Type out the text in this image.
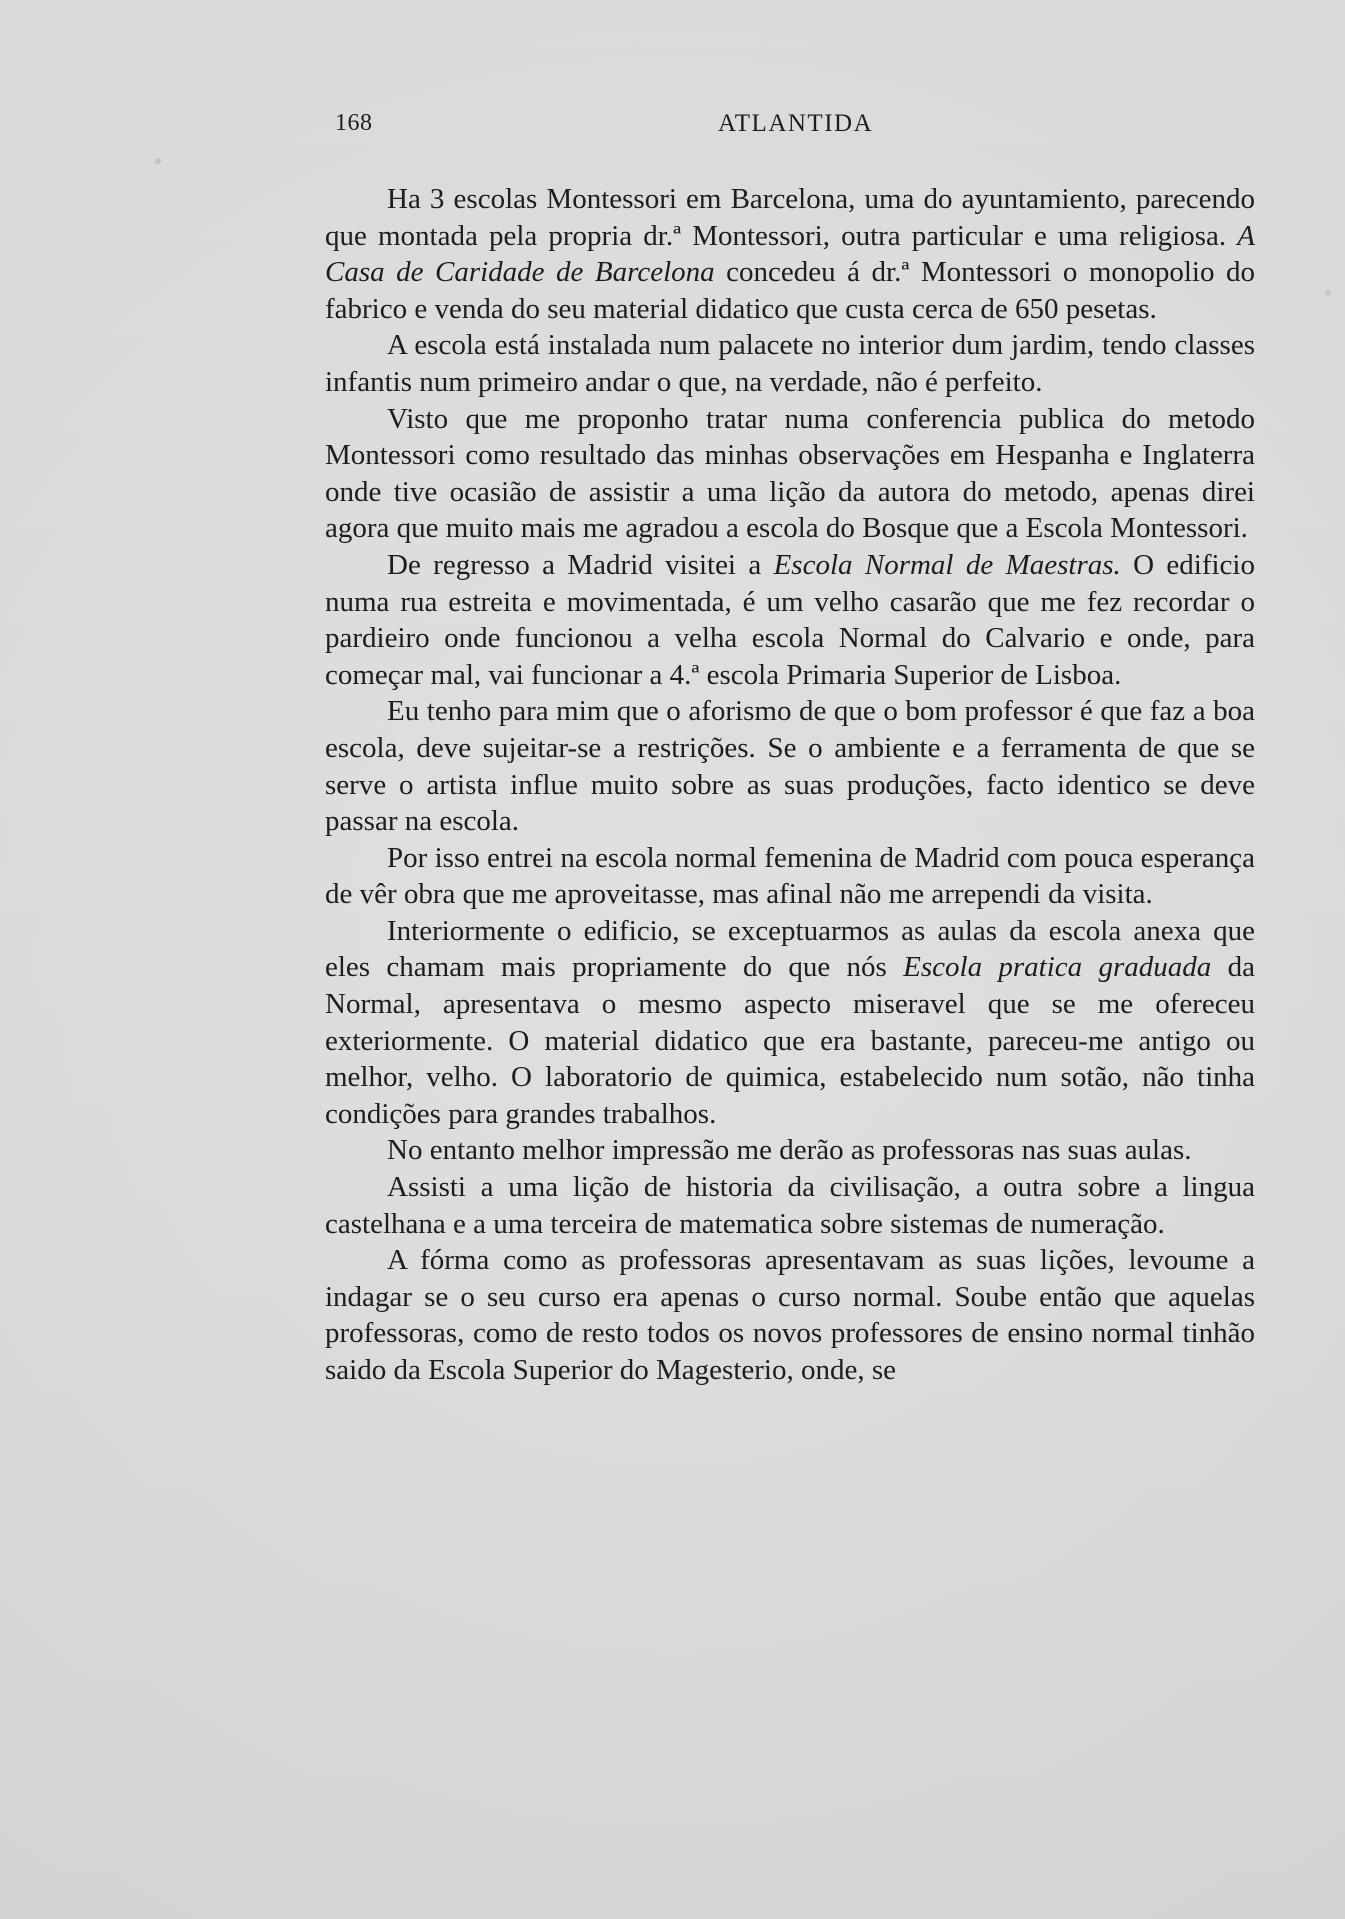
168	ATLANTIDA

Ha 3 escolas Montessori em Barcelona, uma do ayuntamiento, parecendo que montada pela propria dr.ª Montessori, outra particular e uma religiosa. A Casa de Caridade de Barcelona concedeu á dr.ª Montessori o monopolio do fabrico e venda do seu material didatico que custa cerca de 650 pesetas.

A escola está instalada num palacete no interior dum jardim, tendo classes infantis num primeiro andar o que, na verdade, não é perfeito.

Visto que me proponho tratar numa conferencia publica do metodo Montessori como resultado das minhas observações em Hespanha e Inglaterra onde tive ocasião de assistir a uma lição da autora do metodo, apenas direi agora que muito mais me agradou a escola do Bosque que a Escola Montessori.

De regresso a Madrid visitei a Escola Normal de Maestras. O edificio numa rua estreita e movimentada, é um velho casarão que me fez recordar o pardieiro onde funcionou a velha escola Normal do Calvario e onde, para começar mal, vai funcionar a 4.ª escola Primaria Superior de Lisboa.

Eu tenho para mim que o aforismo de que o bom professor é que faz a boa escola, deve sujeitar-se a restrições. Se o ambiente e a ferramenta de que se serve o artista influe muito sobre as suas produções, facto identico se deve passar na escola.

Por isso entrei na escola normal femenina de Madrid com pouca esperança de vêr obra que me aproveitasse, mas afinal não me arrependi da visita.

Interiormente o edificio, se exceptuarmos as aulas da escola anexa que eles chamam mais propriamente do que nós Escola pratica graduada da Normal, apresentava o mesmo aspecto miseravel que se me ofereceu exteriormente. O material didatico que era bastante, pareceu-me antigo ou melhor, velho. O laboratorio de quimica, estabelecido num sotão, não tinha condições para grandes trabalhos.

No entanto melhor impressão me derão as professoras nas suas aulas.

Assisti a uma lição de historia da civilisação, a outra sobre a lingua castelhana e a uma terceira de matematica sobre sistemas de numeração.

A fórma como as professoras apresentavam as suas lições, levoume a indagar se o seu curso era apenas o curso normal. Soube então que aquelas professoras, como de resto todos os novos professores de ensino normal tinhão saido da Escola Superior do Magesterio, onde, se
